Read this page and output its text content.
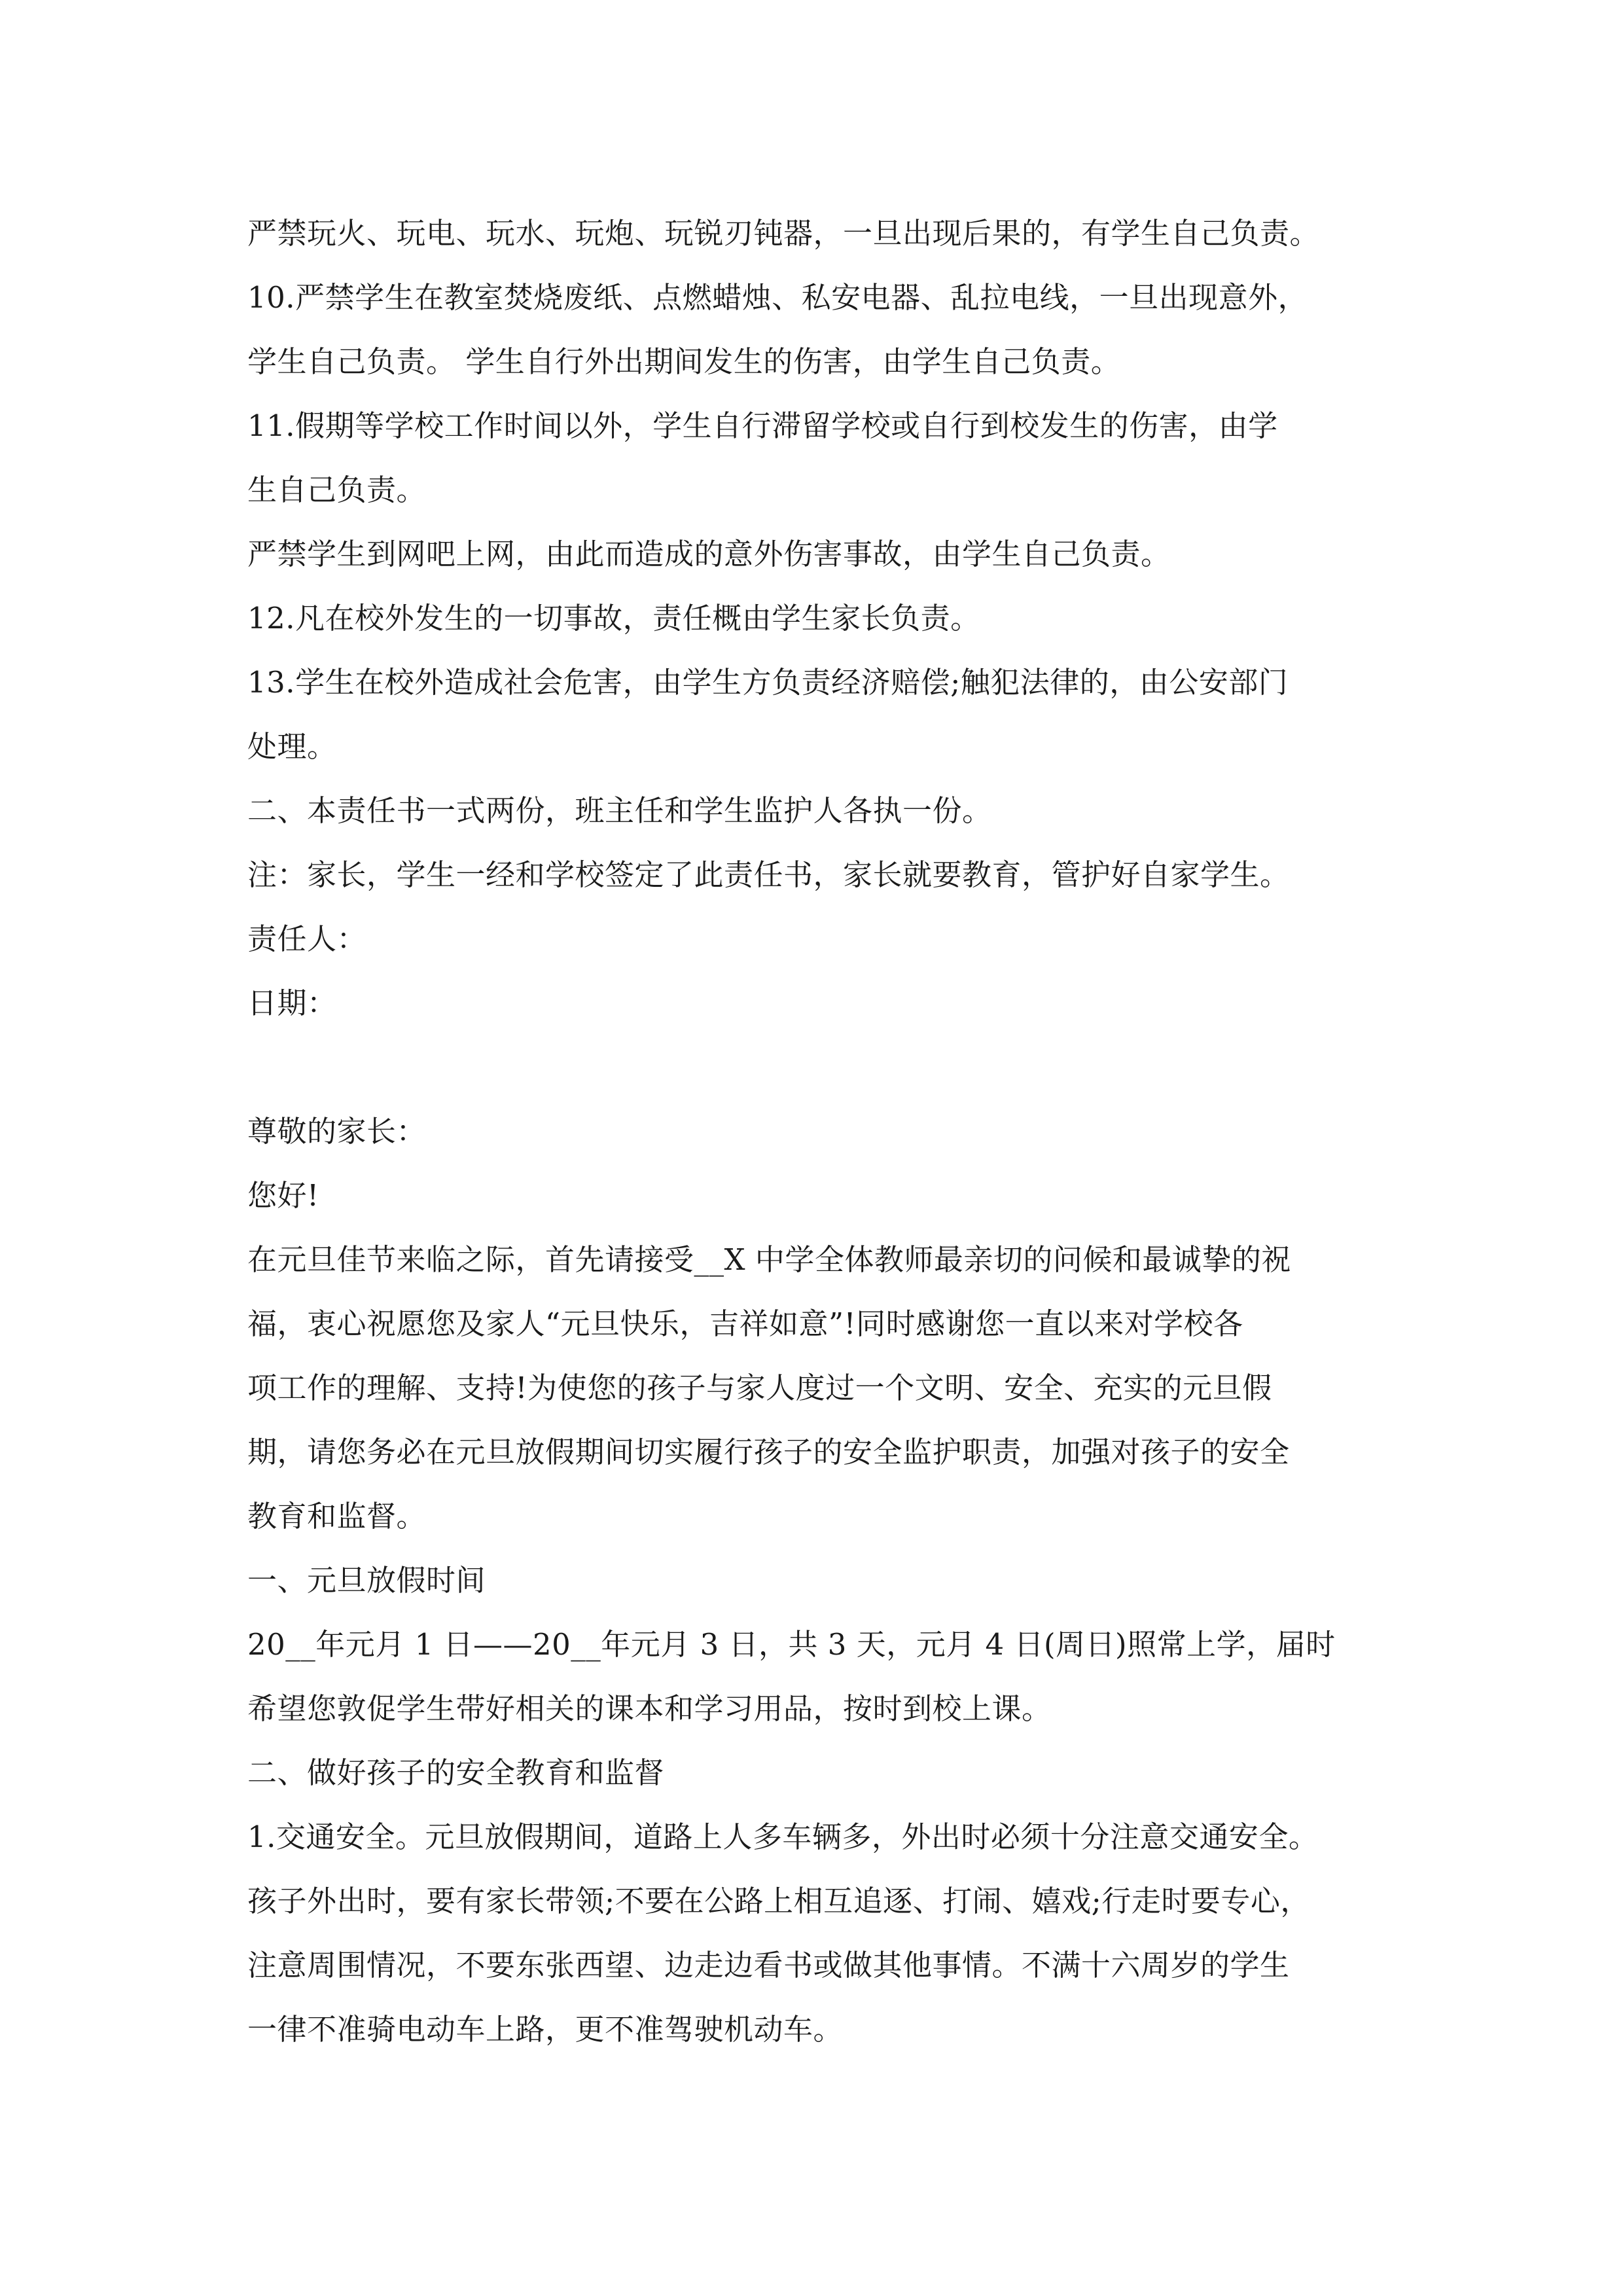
严禁玩火、玩电、玩水、玩炮、玩锐刃钝器，一旦出现后果的，有学生自己负责。
10.严禁学生在教室焚烧废纸、点燃蜡烛、私安电器、乱拉电线，一旦出现意外，
学生自己负责。 学生自行外出期间发生的伤害，由学生自己负责。
11.假期等学校工作时间以外，学生自行滞留学校或自行到校发生的伤害，由学
生自己负责。
严禁学生到网吧上网，由此而造成的意外伤害事故，由学生自己负责。
12.凡在校外发生的一切事故，责任概由学生家长负责。
13.学生在校外造成社会危害，由学生方负责经济赔偿;触犯法律的，由公安部门
处理。
二、本责任书一式两份，班主任和学生监护人各执一份。
注：家长，学生一经和学校签定了此责任书，家长就要教育，管护好自家学生。
责任人：
日期：
尊敬的家长：
您好!
在元旦佳节来临之际，首先请接受__X 中学全体教师最亲切的问候和最诚挚的祝
福，衷心祝愿您及家人“元旦快乐，吉祥如意”!同时感谢您一直以来对学校各
项工作的理解、支持!为使您的孩子与家人度过一个文明、安全、充实的元旦假
期，请您务必在元旦放假期间切实履行孩子的安全监护职责，加强对孩子的安全
教育和监督。
一、元旦放假时间
20__年元月 1 日——20__年元月 3 日，共 3 天，元月 4 日(周日)照常上学，届时
希望您敦促学生带好相关的课本和学习用品，按时到校上课。
二、做好孩子的安全教育和监督
1.交通安全。元旦放假期间，道路上人多车辆多，外出时必须十分注意交通安全。
孩子外出时，要有家长带领;不要在公路上相互追逐、打闹、嬉戏;行走时要专心，
注意周围情况，不要东张西望、边走边看书或做其他事情。不满十六周岁的学生
一律不准骑电动车上路，更不准驾驶机动车。
